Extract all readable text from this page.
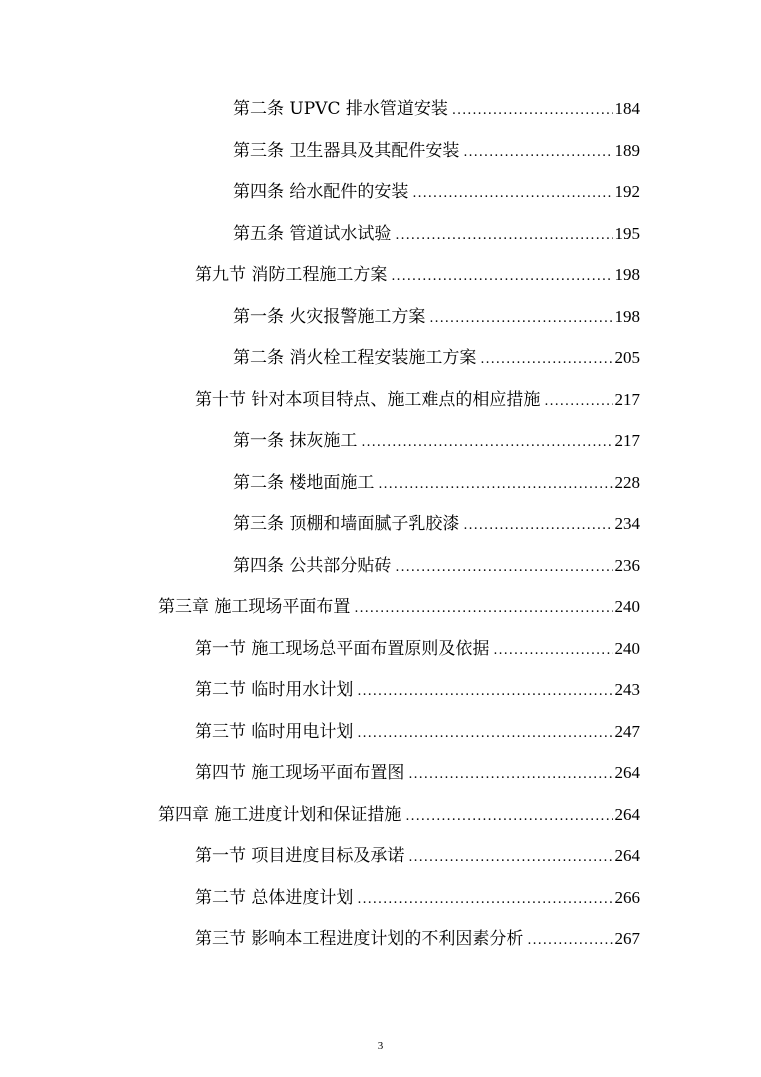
第二条 UPVC 排水管道安装 .....	184
第三条 卫生器具及其配件安装 .....	189
第四条 给水配件的安装 .....	192
第五条 管道试水试验 .....	195
第九节 消防工程施工方案 .....	198
第一条 火灾报警施工方案 .....	198
第二条 消火栓工程安装施工方案 .....	205
第十节 针对本项目特点、施工难点的相应措施 .....	217
第一条 抹灰施工 .....	217
第二条 楼地面施工 .....	228
第三条 顶棚和墙面腻子乳胶漆 .....	234
第四条 公共部分贴砖 .....	236
第三章 施工现场平面布置 .....	240
第一节 施工现场总平面布置原则及依据 .....	240
第二节 临时用水计划 .....	243
第三节 临时用电计划 .....	247
第四节 施工现场平面布置图 .....	264
第四章 施工进度计划和保证措施 .....	264
第一节 项目进度目标及承诺 .....	264
第二节 总体进度计划 .....	266
第三节 影响本工程进度计划的不利因素分析 .....	267
3
